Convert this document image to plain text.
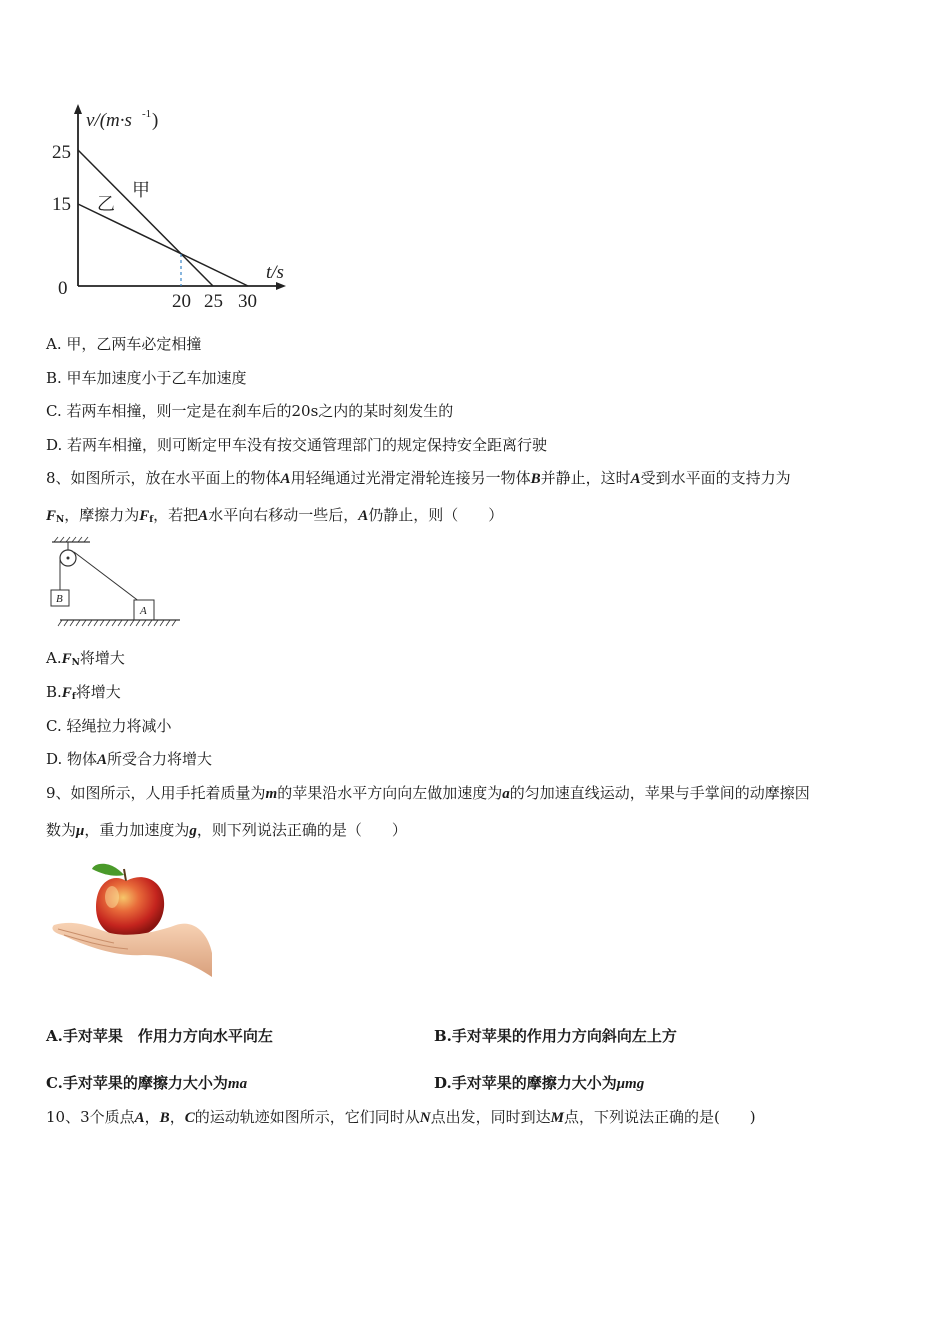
v/(m·s -1 )
25
15
0
20 25 30
t/s
甲
乙
A. 甲，乙两车必定相撞
B. 甲车加速度小于乙车加速度
C. 若两车相撞，则一定是在刹车后的20s之内的某时刻发生的
D. 若两车相撞，则可断定甲车没有按交通管理部门的规定保持安全距离行驶
8、如图所示，放在水平面上的物体A用轻绳通过光滑定滑轮连接另一物体B并静止，这时A受到水平面的支持力为
$F_N$，摩擦力为$F_f$，若把A水平向右移动一些后，A仍静止，则（　　）
B
A
$A.F_N$将增大
$B.F_f$将增大
C. 轻绳拉力将减小
D. 物体A所受合力将增大
9、如图所示，人用手托着质量为m的苹果沿水平方向向左做加速度为a的匀加速直线运动，苹果与手掌间的动摩擦因
数为μ，重力加速度为g，则下列说法正确的是（　　）
A.手对苹果　作用力方向水平向左	B.手对苹果的作用力方向斜向左上方
C.手对苹果的摩擦力大小为ma	D.手对苹果的摩擦力大小为μmg
10、3个质点A，B，C的运动轨迹如图所示，它们同时从N点出发，同时到达M点，下列说法正确的是(　　)
